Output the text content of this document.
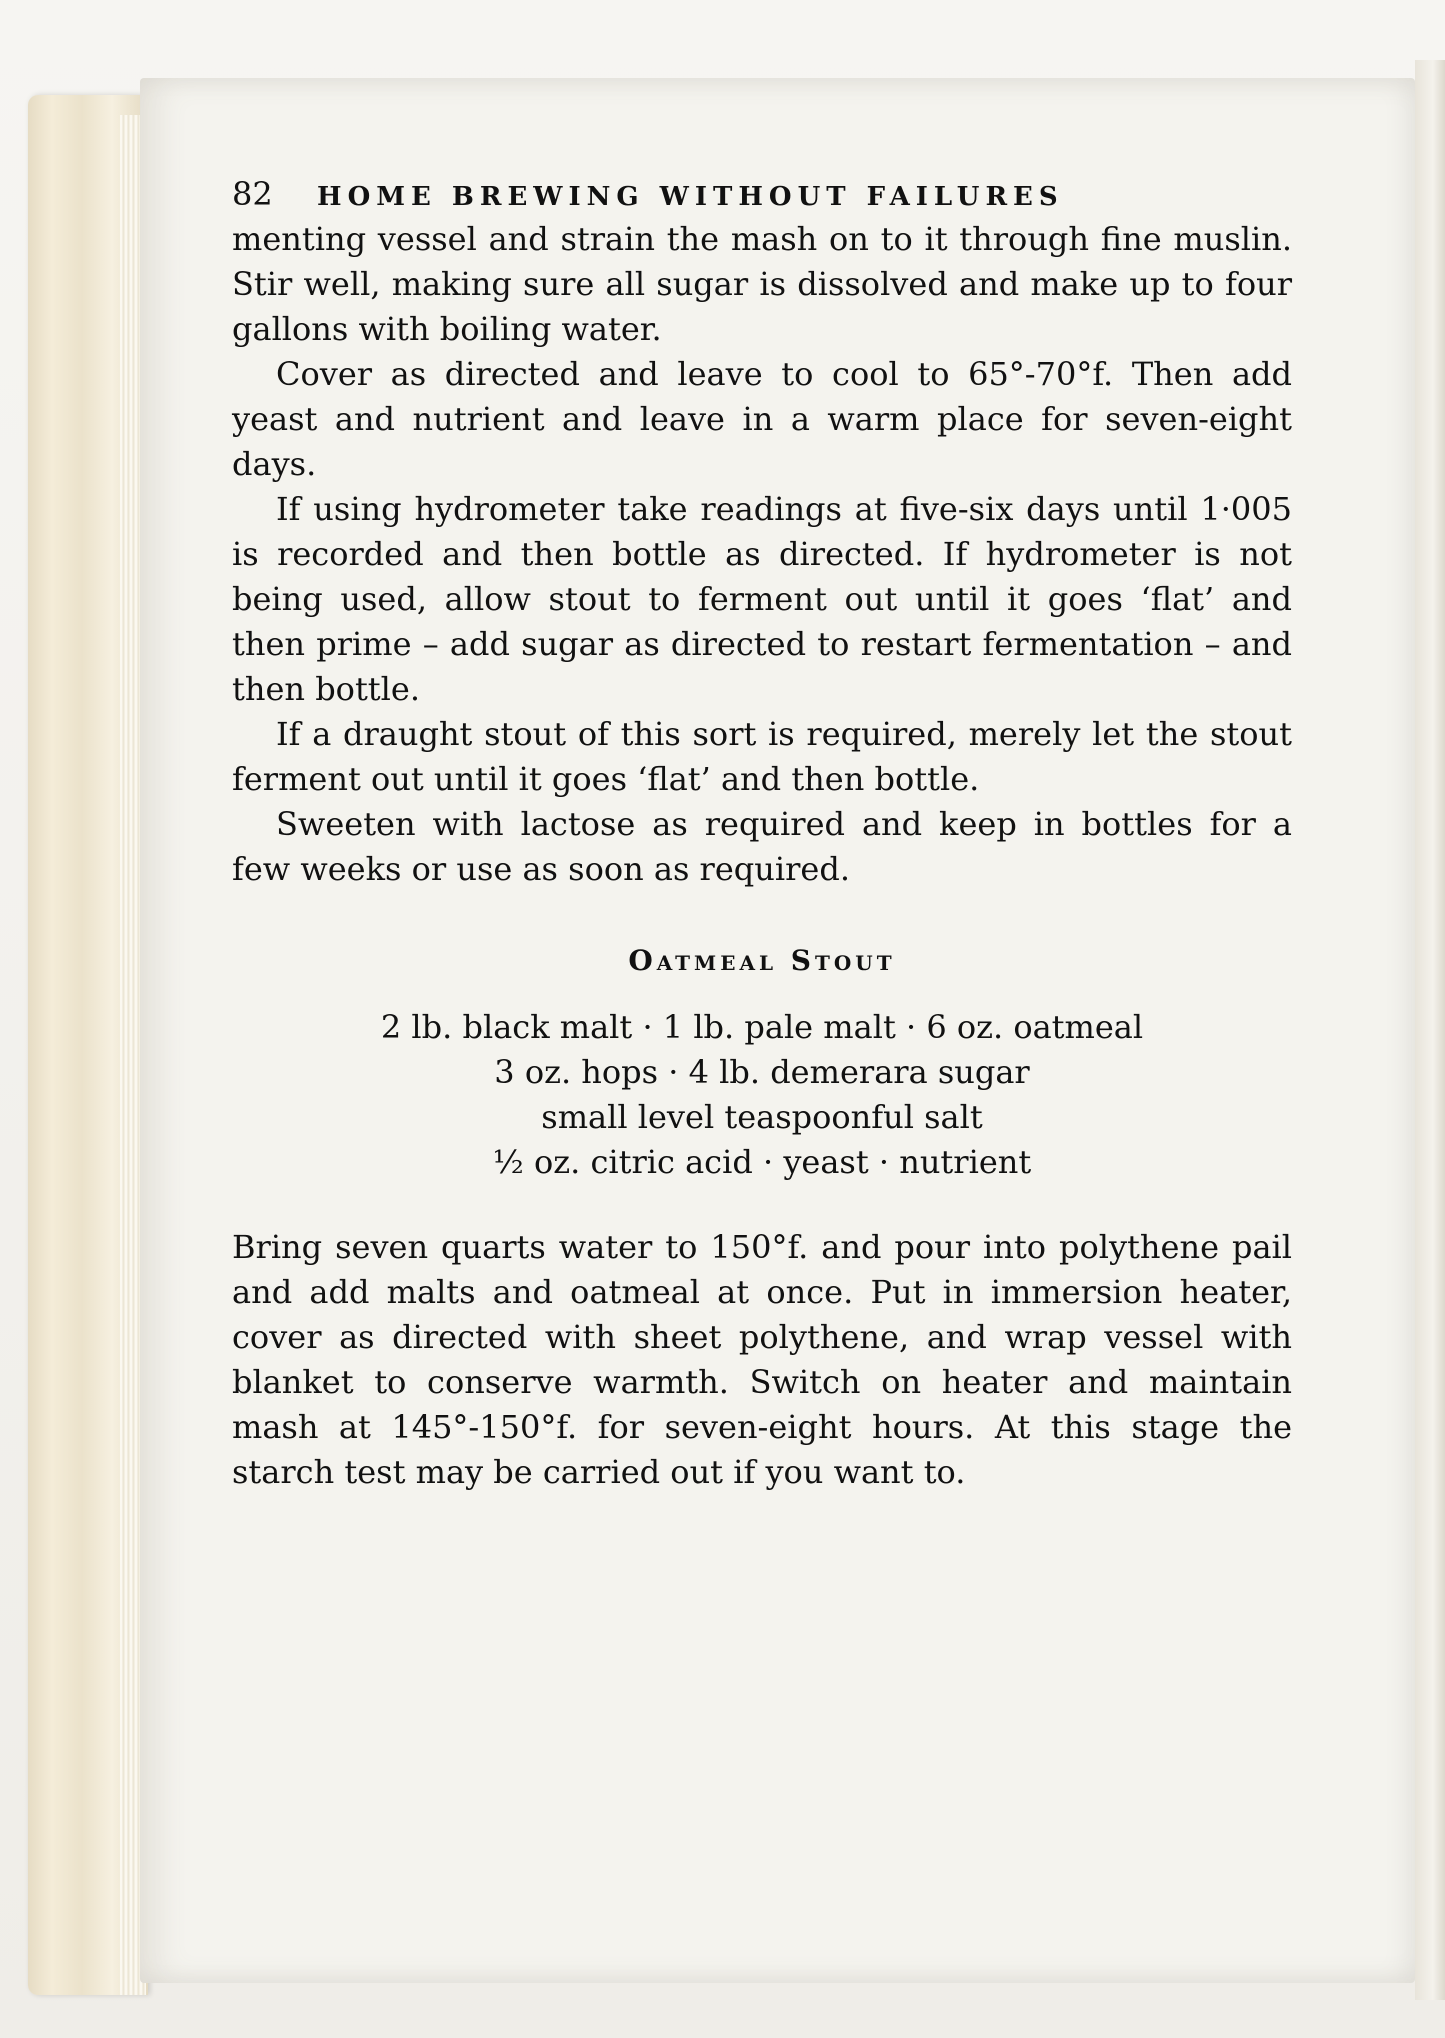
82	HOME BREWING WITHOUT FAILURES

menting vessel and strain the mash on to it through fine muslin. Stir well, making sure all sugar is dissolved and make up to four gallons with boiling water.

Cover as directed and leave to cool to 65°-70°f. Then add yeast and nutrient and leave in a warm place for seven-eight days.

If using hydrometer take readings at five-six days until 1·005 is recorded and then bottle as directed. If hydrometer is not being used, allow stout to ferment out until it goes ‘flat’ and then prime – add sugar as directed to restart fermentation – and then bottle.

If a draught stout of this sort is required, merely let the stout ferment out until it goes ‘flat’ and then bottle.

Sweeten with lactose as required and keep in bottles for a few weeks or use as soon as required.

Oatmeal Stout
2 lb. black malt · 1 lb. pale malt · 6 oz. oatmeal
3 oz. hops · 4 lb. demerara sugar
small level teaspoonful salt
½ oz. citric acid · yeast · nutrient

Bring seven quarts water to 150°f. and pour into polythene pail and add malts and oatmeal at once. Put in immersion heater, cover as directed with sheet polythene, and wrap vessel with blanket to conserve warmth. Switch on heater and maintain mash at 145°-150°f. for seven-eight hours. At this stage the starch test may be carried out if you want to.
